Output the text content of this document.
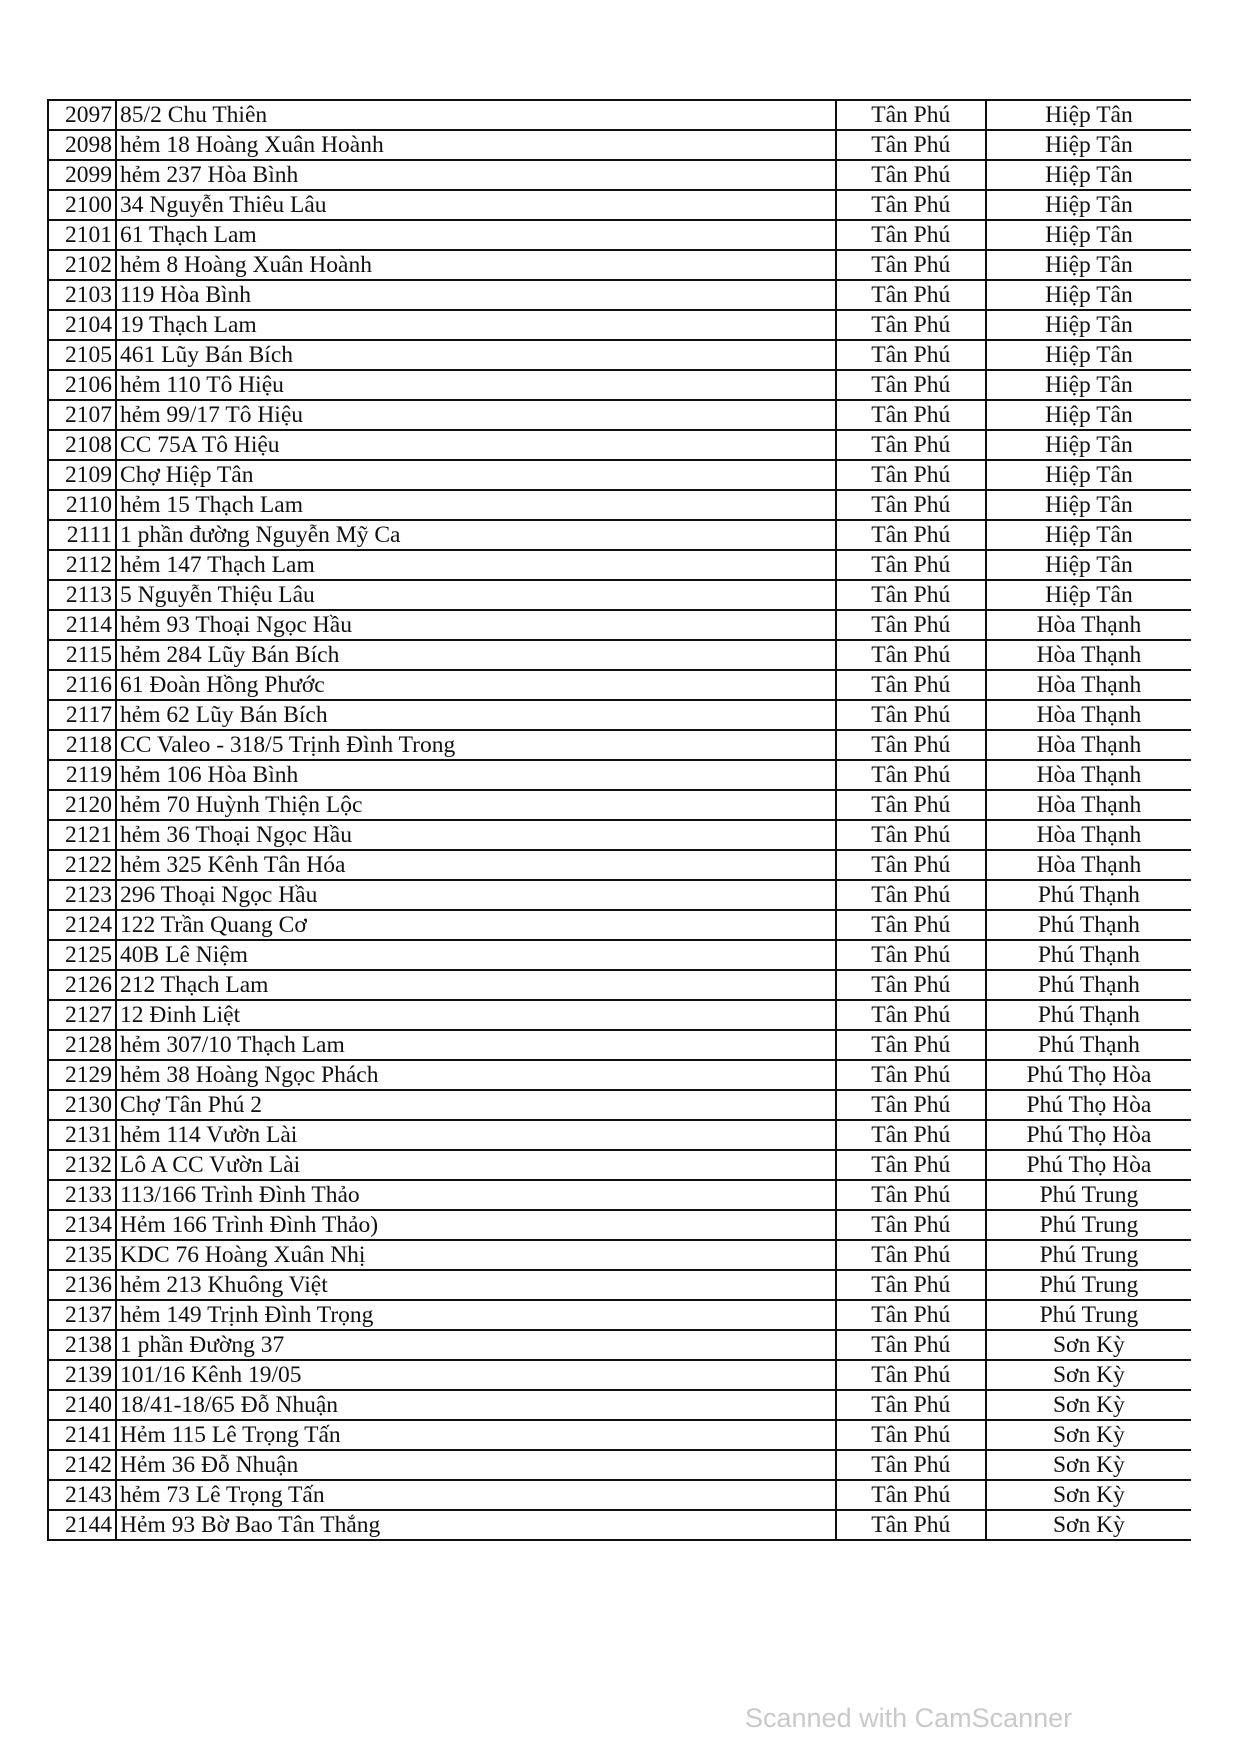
2097	85/2 Chu Thiên	Tân Phú	Hiệp Tân
2098	hẻm 18 Hoàng Xuân Hoành	Tân Phú	Hiệp Tân
2099	hẻm 237 Hòa Bình	Tân Phú	Hiệp Tân
2100	34 Nguyễn Thiêu Lâu	Tân Phú	Hiệp Tân
2101	61 Thạch Lam	Tân Phú	Hiệp Tân
2102	hẻm 8 Hoàng Xuân Hoành	Tân Phú	Hiệp Tân
2103	119 Hòa Bình	Tân Phú	Hiệp Tân
2104	19 Thạch Lam	Tân Phú	Hiệp Tân
2105	461 Lũy Bán Bích	Tân Phú	Hiệp Tân
2106	hẻm 110 Tô Hiệu	Tân Phú	Hiệp Tân
2107	hẻm 99/17 Tô Hiệu	Tân Phú	Hiệp Tân
2108	CC 75A Tô Hiệu	Tân Phú	Hiệp Tân
2109	Chợ Hiệp Tân	Tân Phú	Hiệp Tân
2110	hẻm 15 Thạch Lam	Tân Phú	Hiệp Tân
2111	1 phần đường Nguyễn Mỹ Ca	Tân Phú	Hiệp Tân
2112	hẻm 147 Thạch Lam	Tân Phú	Hiệp Tân
2113	5 Nguyễn Thiệu Lâu	Tân Phú	Hiệp Tân
2114	hẻm 93 Thoại Ngọc Hầu	Tân Phú	Hòa Thạnh
2115	hẻm 284 Lũy Bán Bích	Tân Phú	Hòa Thạnh
2116	61 Đoàn Hồng Phước	Tân Phú	Hòa Thạnh
2117	hẻm 62 Lũy Bán Bích	Tân Phú	Hòa Thạnh
2118	CC Valeo - 318/5 Trịnh Đình Trong	Tân Phú	Hòa Thạnh
2119	hẻm 106 Hòa Bình	Tân Phú	Hòa Thạnh
2120	hẻm 70 Huỳnh Thiện Lộc	Tân Phú	Hòa Thạnh
2121	hẻm 36 Thoại Ngọc Hầu	Tân Phú	Hòa Thạnh
2122	hẻm 325 Kênh Tân Hóa	Tân Phú	Hòa Thạnh
2123	296 Thoại Ngọc Hầu	Tân Phú	Phú Thạnh
2124	122 Trần Quang Cơ	Tân Phú	Phú Thạnh
2125	40B Lê Niệm	Tân Phú	Phú Thạnh
2126	212 Thạch Lam	Tân Phú	Phú Thạnh
2127	12 Đinh Liệt	Tân Phú	Phú Thạnh
2128	hẻm 307/10 Thạch Lam	Tân Phú	Phú Thạnh
2129	hẻm 38 Hoàng Ngọc Phách	Tân Phú	Phú Thọ Hòa
2130	Chợ Tân Phú 2	Tân Phú	Phú Thọ Hòa
2131	hẻm 114 Vườn Lài	Tân Phú	Phú Thọ Hòa
2132	Lô A CC Vườn Lài	Tân Phú	Phú Thọ Hòa
2133	113/166 Trình Đình Thảo	Tân Phú	Phú Trung
2134	Hẻm 166 Trình Đình Thảo)	Tân Phú	Phú Trung
2135	KDC 76 Hoàng Xuân Nhị	Tân Phú	Phú Trung
2136	hẻm 213 Khuông Việt	Tân Phú	Phú Trung
2137	hẻm 149 Trịnh Đình Trọng	Tân Phú	Phú Trung
2138	1 phần Đường 37	Tân Phú	Sơn Kỳ
2139	101/16 Kênh 19/05	Tân Phú	Sơn Kỳ
2140	18/41-18/65 Đỗ Nhuận	Tân Phú	Sơn Kỳ
2141	Hẻm 115 Lê Trọng Tấn	Tân Phú	Sơn Kỳ
2142	Hẻm 36 Đỗ Nhuận	Tân Phú	Sơn Kỳ
2143	hẻm 73 Lê Trọng Tấn	Tân Phú	Sơn Kỳ
2144	Hẻm 93 Bờ Bao Tân Thắng	Tân Phú	Sơn Kỳ
Scanned with CamScanner
